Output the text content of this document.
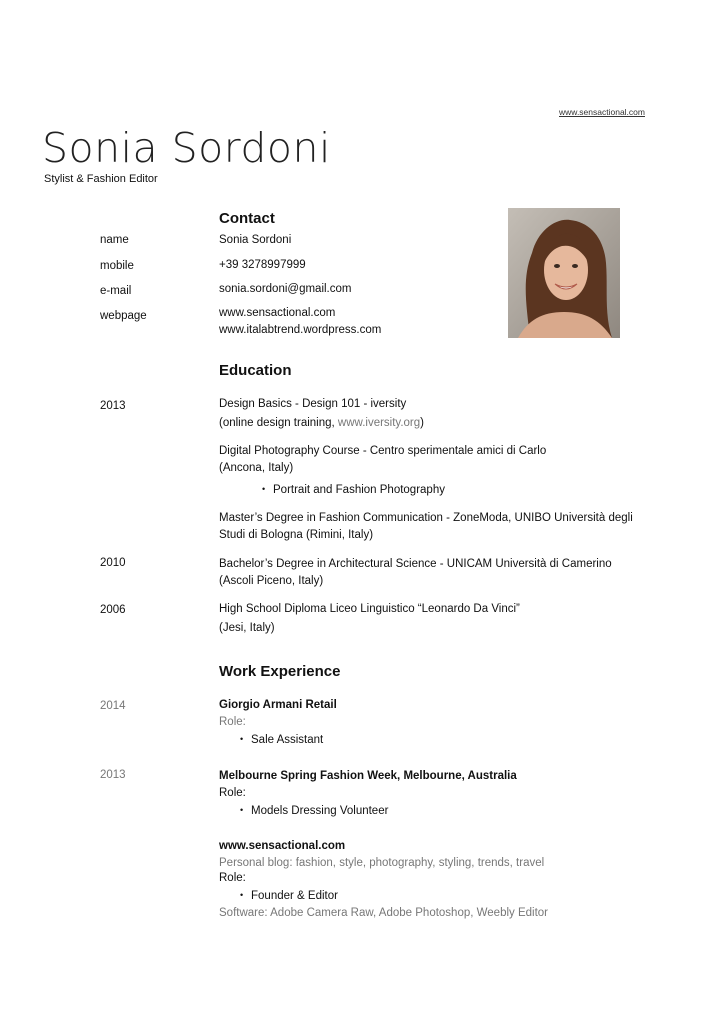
www.sensactional.com
Sonia Sordoni
Stylist & Fashion Editor
Contact
name	Sonia Sordoni
mobile	+39 3278997999
e-mail	sonia.sordoni@gmail.com
webpage	www.sensactional.com
www.italabtrend.wordpress.com
Education
2013	Design Basics - Design 101 - iversity
(online design training, www.iversity.org)
Digital Photography Course - Centro sperimentale amici di Carlo
(Ancona, Italy)
• Portrait and Fashion Photography
Master’s Degree in Fashion Communication - ZoneModa, UNIBO Università degli
Studi di Bologna (Rimini, Italy)
2010	Bachelor’s Degree in Architectural Science - UNICAM Università di Camerino
(Ascoli Piceno, Italy)
2006	High School Diploma Liceo Linguistico “Leonardo Da Vinci”
(Jesi, Italy)
Work Experience
2014	Giorgio Armani Retail
Role:
• Sale Assistant
2013	Melbourne Spring Fashion Week, Melbourne, Australia
Role:
• Models Dressing Volunteer
www.sensactional.com
Personal blog: fashion, style, photography, styling, trends, travel
Role:
• Founder & Editor
Software: Adobe Camera Raw, Adobe Photoshop, Weebly Editor
